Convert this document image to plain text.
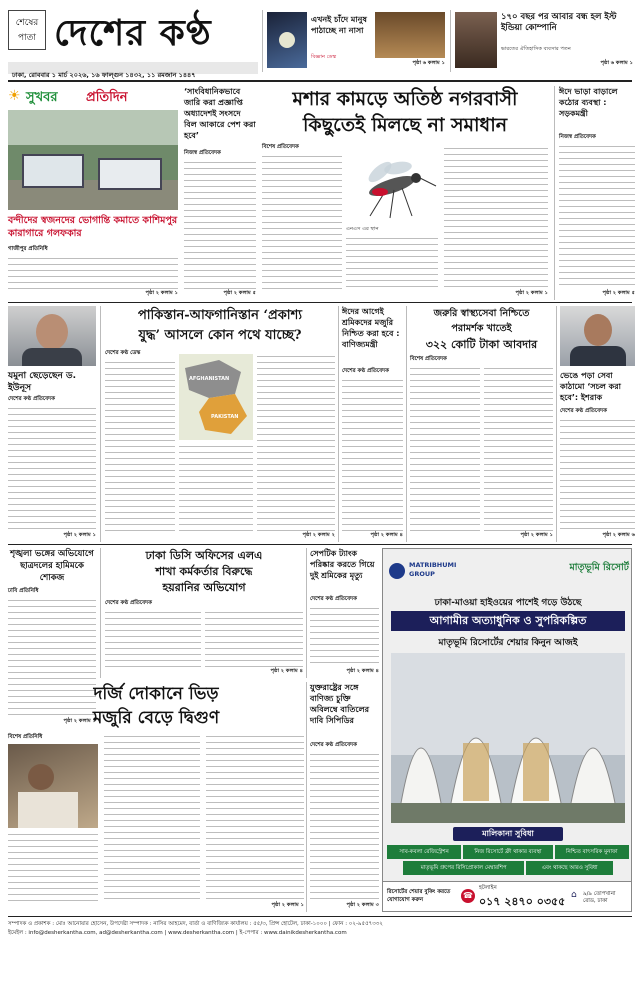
শেষের
পাতা দেশের কণ্ঠ
ঢাকা, রোববার ১ মার্চ ২০২৬, ১৬ ফাল্গুন ১৪৩২, ১১ রমজান ১৪৪৭
এখনই চাঁদে মানুষ পাঠাচ্ছে না নাসা
বিজ্ঞান ডেস্ক
পৃষ্ঠা ৬ কলাম ১
১৭০ বছর পর আবার বন্ধ হল ইস্ট ইন্ডিয়া কোম্পানি
ভারতের ঐতিহাসিক ব্যবসার পতন
পৃষ্ঠা ৬ কলাম ১
☀ সুখবর প্রতিদিন
বন্দীদের স্বজনদের ভোগান্তি কমাতে কাশিমপুর কারাগারে গলফকার
গাজীপুর প্রতিনিধি
পৃষ্ঠা ২ কলাম ১
‘সাংবিধানিকভাবে জারি করা প্রজ্ঞাপ্তি অধ্যাদেশই সংসদে বিল আকারে পেশ করা হবে’
নিজস্ব প্রতিবেদক
পৃষ্ঠা ২ কলাম ৫
মশার কামড়ে অতিষ্ঠ নগরবাসী
কিছুতেই মিলছে না সমাধান
বিশেষ প্রতিবেদক
এনএস এর স্থান
পৃষ্ঠা ২ কলাম ১
ঈদে ভাড়া বাড়ালে কঠোর ব্যবস্থা : সড়কমন্ত্রী
নিজস্ব প্রতিবেদক
পৃষ্ঠা ২ কলাম ৫
যমুনা ছেড়েছেন ড. ইউনূস
দেশের কণ্ঠ প্রতিবেদক
পৃষ্ঠা ২ কলাম ১
পাকিস্তান-আফগানিস্তান ‘প্রকাশ্য
যুদ্ধ’ আসলে কোন পথে যাচ্ছে?
দেশের কণ্ঠ ডেস্ক
AFGHANISTAN
PAKISTAN
পৃষ্ঠা ২ কলাম ২
ঈদের আগেই শ্রমিকদের মজুরি নিশ্চিত করা হবে : বাণিজ্যমন্ত্রী
দেশের কণ্ঠ প্রতিবেদক
পৃষ্ঠা ২ কলাম ৪
জরুরি স্বাস্থ্যসেবা নিশ্চিতে
পরামর্শক খাতেই
৩২২ কোটি টাকা আবদার
বিশেষ প্রতিবেদক
পৃষ্ঠা ২ কলাম ১
ভেঙে পড়া সেবা কাঠামো ‘সচল করা হবে’: ইশরাক
দেশের কণ্ঠ প্রতিবেদক
পৃষ্ঠা ২ কলাম ৬
শৃঙ্খলা ভঙ্গের অভিযোগে ছাত্রদলের হামিমকে শোকজ
ঢাবি প্রতিনিধি
পৃষ্ঠা ২ কলাম ১
ঢাকা ডিসি অফিসের এলএ
শাখা কর্মকর্তার বিরুদ্ধে
হয়রানির অভিযোগ
দেশের কণ্ঠ প্রতিবেদক
পৃষ্ঠা ২ কলাম ৪
সেপটিক ট্যাংক পরিষ্কার করতে গিয়ে দুই শ্রমিকের মৃত্যু
দেশের কণ্ঠ প্রতিবেদক
পৃষ্ঠা ২ কলাম ৪
দর্জি দোকানে ভিড়
মজুরি বেড়ে দ্বিগুণ
বিশেষ প্রতিনিধি
পৃষ্ঠা ২ কলাম ১
যুক্তরাষ্ট্রের সঙ্গে বাণিজ্য চুক্তি অবিলম্বে বাতিলের দাবি সিপিডির
দেশের কণ্ঠ প্রতিবেদক
পৃষ্ঠা ২ কলাম ৩
MATRIBHUMI GROUP
মাতৃভূমি রিসোর্ট
ঢাকা-মাওয়া হাইওয়ের পাশেই গড়ে উঠছে
আগামীর অত্যাধুনিক ও সুপরিকল্পিত
মাতৃভূমি রিসোর্টের শেয়ার কিনুন আজই
মালিকানা সুবিধা
সাব-কবলা রেজিস্ট্রেশন	নিজ রিসোর্টে ফ্রী থাকার ব্যবস্থা	নিশ্চিত বাৎসরিক মুনাফা
মাতৃভূমি গ্রুপের রিসিপ্রোকাল মেম্বারশিপ	এবং থাকছে আরও সুবিধা
রিসোর্টের শেয়ার বুকিং করতে যোগাযোগ করুন	☎
হটলাইন
০১৭ ২৪৭০ ০৩৫৫ ⌂ ৯/৯ তোপখানা রোড, ঢাকা
সম্পাদক ও প্রকাশক : মোঃ আনোয়ার হোসেন, উপদেষ্টা সম্পাদক : নাসির আহমেদ, বার্তা ও বাণিজ্যিক কার্যালয় : ৫৫/৩, প্রিন্স হোটেল, ঢাকা-১০০০ | ফোন : ০২-৯৫৫৭৩৩২
ইমেইল : info@desherkantha.com, ad@desherkantha.com | www.desherkantha.com | ই-পেপার : www.dainikdesherkantha.com
